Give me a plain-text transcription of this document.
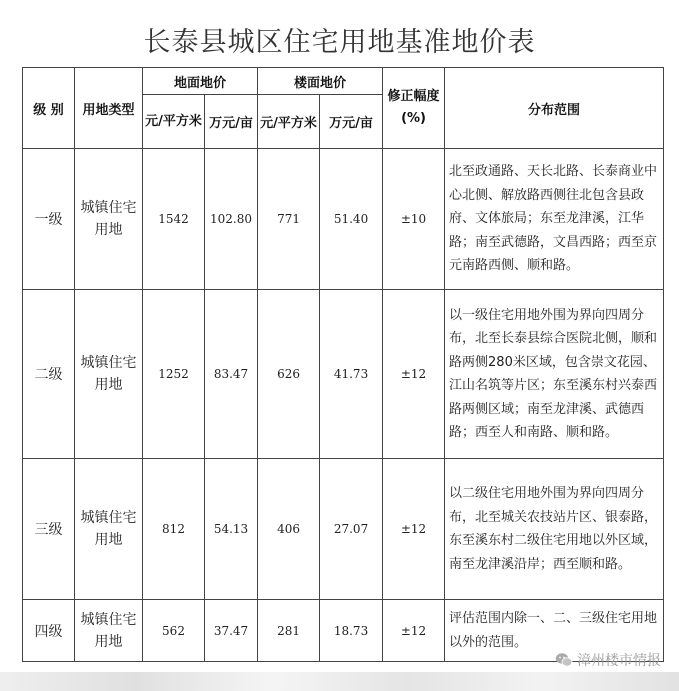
长泰县城区住宅用地基准地价表
级 别	用地类型	地面地价		楼面地价		修正幅度 (%)	分布范围
		元/平方米	万元/亩	元/平方米	万元/亩		
一级	城镇住宅用地	1542	102.80	771	51.40	±10	北至政通路、天长北路、长泰商业中心北侧、解放路西侧往北包含县政府、文体旅局；东至龙津溪，江华路；南至武德路，文昌西路；西至京元南路西侧、顺和路。
二级	城镇住宅用地	1252	83.47	626	41.73	±12	以一级住宅用地外围为界向四周分布，北至长泰县综合医院北侧，顺和路两侧280米区域，包含崇文花园、江山名筑等片区；东至溪东村兴泰西路两侧区域；南至龙津溪、武德西路；西至人和南路、顺和路。
三级	城镇住宅用地	812	54.13	406	27.07	±12	以二级住宅用地外围为界向四周分布，北至城关农技站片区、银泰路，东至溪东村二级住宅用地以外区域，南至龙津溪沿岸；西至顺和路。
四级	城镇住宅用地	562	37.47	281	18.73	±12	评估范围内除一、二、三级住宅用地以外的范围。
漳州楼市情报
